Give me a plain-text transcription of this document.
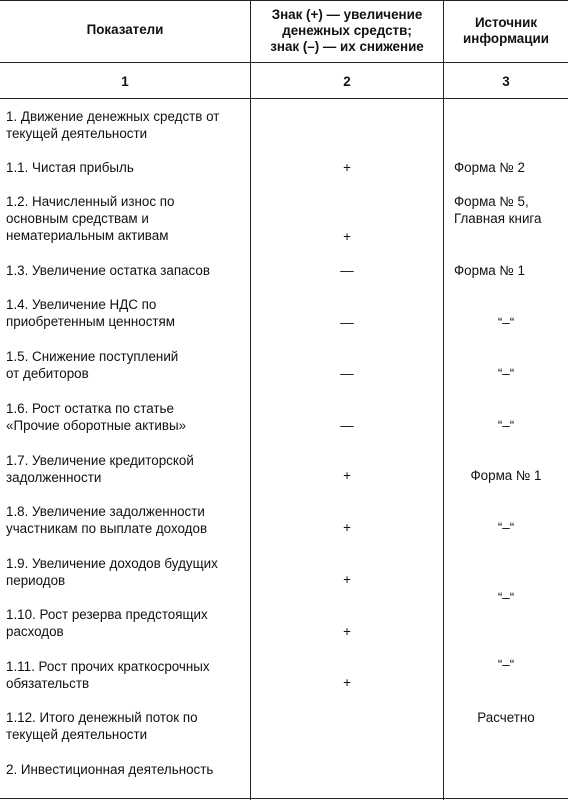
Показатели
Знак (+) — увеличение
денежных средств;
знак (–) — их снижение
Источник
информации
1	2	3
1. Движение денежных средств от
текущей деятельности
1.1. Чистая прибыль
1.2. Начисленный износ по
основным средствам и
нематериальным активам
1.3. Увеличение остатка запасов
1.4. Увеличение НДС по
приобретенным ценностям
1.5. Снижение поступлений
от дебиторов
1.6. Рост остатка по статье
«Прочие оборотные активы»
1.7. Увеличение кредиторской
задолженности
1.8. Увеличение задолженности
участникам по выплате доходов
1.9. Увеличение доходов будущих
периодов
1.10. Рост резерва предстоящих
расходов
1.11. Рост прочих краткосрочных
обязательств
1.12. Итого денежный поток по
текущей деятельности
2. Инвестиционная деятельность
+
+
—
—
—
—
+
+
+
+
+
Форма № 2
Форма № 5,
Главная книга
Форма № 1
“–“
“–“
“–“
Форма № 1
“–“
“–“
“–“
Расчетно
